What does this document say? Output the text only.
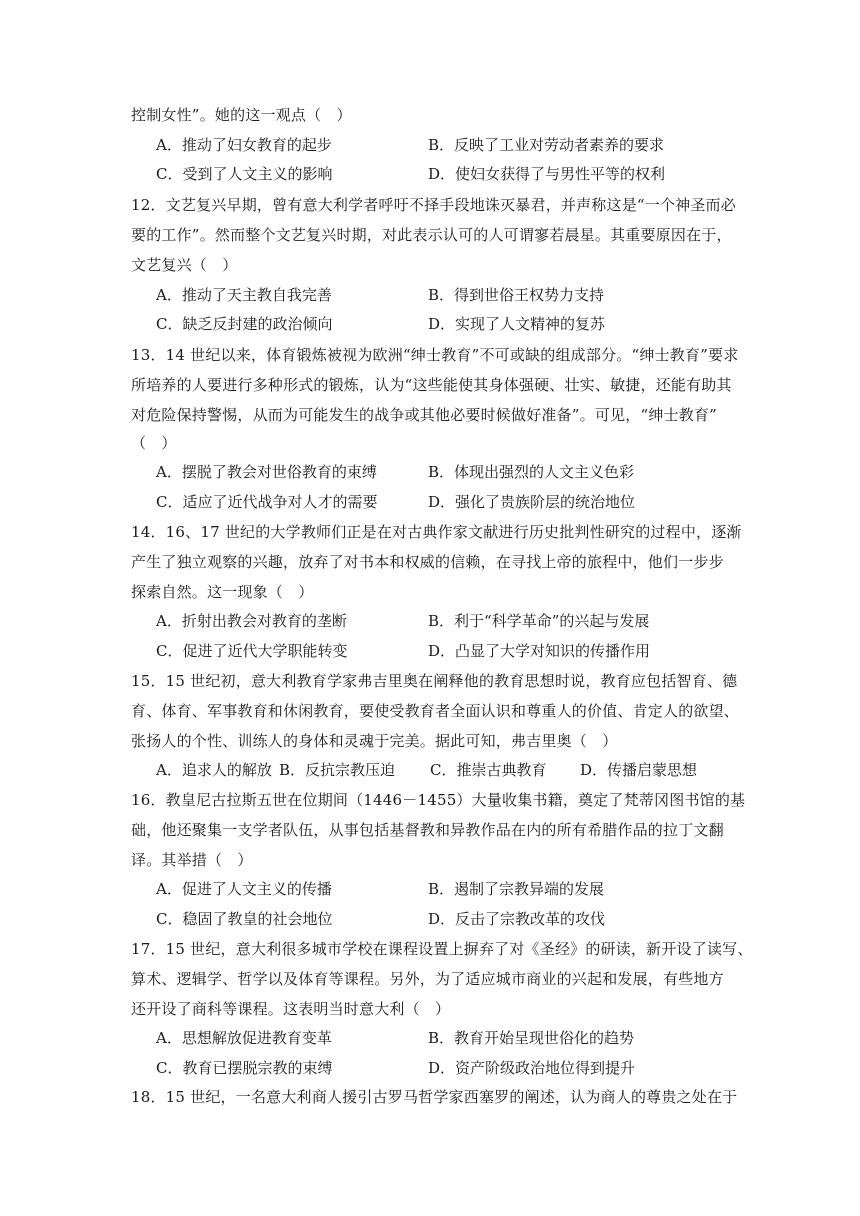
控制女性”。她的这一观点（　）
A．推动了妇女教育的起步	B．反映了工业对劳动者素养的要求
C．受到了人文主义的影响	D．使妇女获得了与男性平等的权利
12．文艺复兴早期，曾有意大利学者呼吁不择手段地诛灭暴君，并声称这是“一个神圣而必
要的工作”。然而整个文艺复兴时期，对此表示认可的人可谓寥若晨星。其重要原因在于，
文艺复兴（　）
A．推动了天主教自我完善	B．得到世俗王权势力支持
C．缺乏反封建的政治倾向	D．实现了人文精神的复苏
13．14 世纪以来，体育锻炼被视为欧洲“绅士教育”不可或缺的组成部分。“绅士教育”要求
所培养的人要进行多种形式的锻炼，认为“这些能使其身体强硬、壮实、敏捷，还能有助其
对危险保持警惕，从而为可能发生的战争或其他必要时候做好准备”。可见，“绅士教育”
（　）
A．摆脱了教会对世俗教育的束缚	B．体现出强烈的人文主义色彩
C．适应了近代战争对人才的需要	D．强化了贵族阶层的统治地位
14．16、17 世纪的大学教师们正是在对古典作家文献进行历史批判性研究的过程中，逐渐
产生了独立观察的兴趣，放弃了对书本和权威的信赖，在寻找上帝的旅程中，他们一步步
探索自然。这一现象（　）
A．折射出教会对教育的垄断	B．利于“科学革命”的兴起与发展
C．促进了近代大学职能转变	D．凸显了大学对知识的传播作用
15．15 世纪初，意大利教育学家弗吉里奥在阐释他的教育思想时说，教育应包括智育、德
育、体育、军事教育和休闲教育，要使受教育者全面认识和尊重人的价值、肯定人的欲望、
张扬人的个性、训练人的身体和灵魂于完美。据此可知，弗吉里奥（　）
A．追求人的解放 B．反抗宗教压迫 C．推崇古典教育 D．传播启蒙思想
16．教皇尼古拉斯五世在位期间（1446－1455）大量收集书籍，奠定了梵蒂冈图书馆的基
础，他还聚集一支学者队伍，从事包括基督教和异教作品在内的所有希腊作品的拉丁文翻
译。其举措（　）
A．促进了人文主义的传播	B．遏制了宗教异端的发展
C．稳固了教皇的社会地位	D．反击了宗教改革的攻伐
17．15 世纪，意大利很多城市学校在课程设置上摒弃了对《圣经》的研读，新开设了读写、
算术、逻辑学、哲学以及体育等课程。另外，为了适应城市商业的兴起和发展，有些地方
还开设了商科等课程。这表明当时意大利（　）
A．思想解放促进教育变革	B．教育开始呈现世俗化的趋势
C．教育已摆脱宗教的束缚	D．资产阶级政治地位得到提升
18．15 世纪，一名意大利商人援引古罗马哲学家西塞罗的阐述，认为商人的尊贵之处在于
